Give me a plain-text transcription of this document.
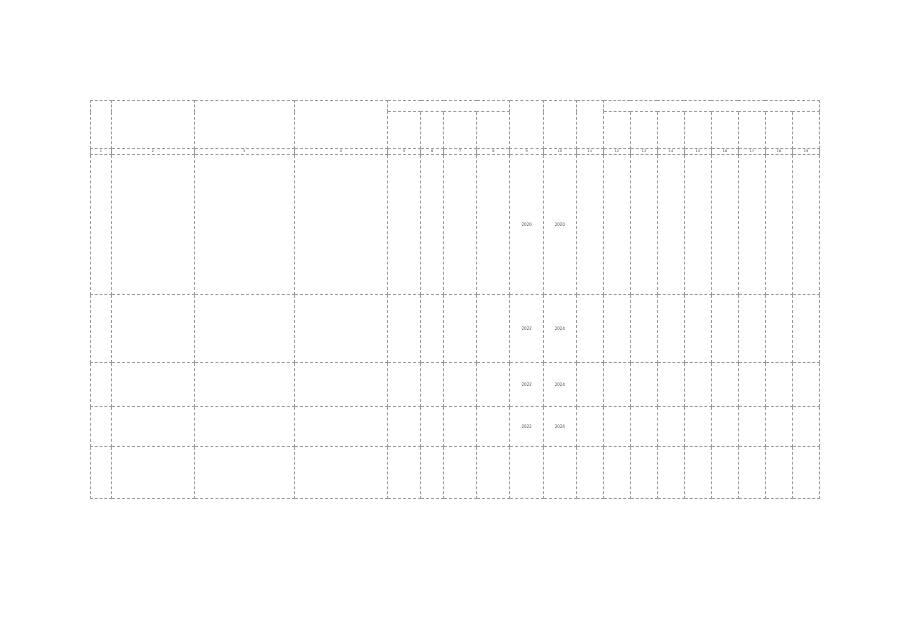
1	2	3	4	5	6	7	8	9	10	11	12	13	14	15	16	17	18	19
								2020	2020									
								2022	2024									
								2022	2024									
								2022	2024									
